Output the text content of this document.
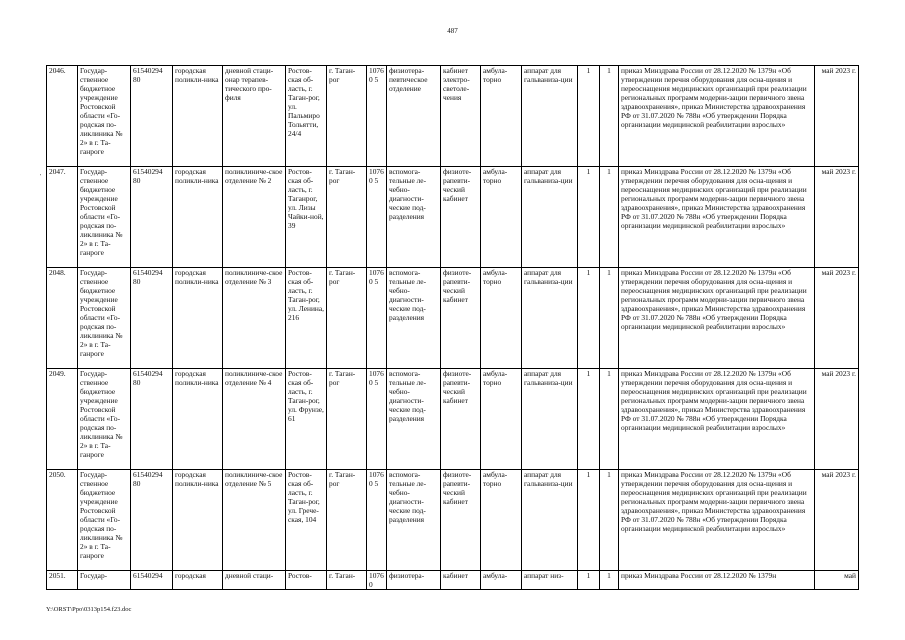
487
'
2046.	Государ-ственное бюджетное учреждение Ростовской области «Го-родская по-ликлиника № 2» в г. Та-ганроге	61540294 80	городская поликли-ника	дневной стаци-онар терапев-тического про-филя	Ростов-ская об-ласть, г. Таган-рог, ул. Пальмиро Тольятти, 24/4	г. Таган-рог	10760 5	физиотера-певтическое отделение	кабинет электро-светоле-чения	амбула-торно	аппарат для гальваниза-ции	1	1	приказ Минздрава России от 28.12.2020 № 1379н «Об утверждении перечня оборудования для осна-щения и переоснащения медицинских организаций при реализации региональных программ модерни-зации первичного звена здравоохранения», приказ Министерства здравоохранения РФ от 31.07.2020 № 788н «Об утверждении Порядка организации медицинской реабилитации взрослых»	май 2023 г.
2047.	Государ-ственное бюджетное учреждение Ростовской области «Го-родская по-ликлиника № 2» в г. Та-ганроге	61540294 80	городская поликли-ника	поликлиниче-ское отделение № 2	Ростов-ская об-ласть, г. Таганрог, ул. Лизы Чайки-ной, 39	г. Таган-рог	10760 5	вспомога-тельные ле-чебно-диагности-ческие под-разделения	физиоте-рапевти-ческий кабинет	амбула-торно	аппарат для гальваниза-ции	1	1	приказ Минздрава России от 28.12.2020 № 1379н «Об утверждении перечня оборудования для осна-щения и переоснащения медицинских организаций при реализации региональных программ модерни-зации первичного звена здравоохранения», приказ Министерства здравоохранения РФ от 31.07.2020 № 788н «Об утверждении Порядка организации медицинской реабилитации взрослых»	май 2023 г.
2048.	Государ-ственное бюджетное учреждение Ростовской области «Го-родская по-ликлиника № 2» в г. Та-ганроге	61540294 80	городская поликли-ника	поликлиниче-ское отделение № 3	Ростов-ская об-ласть, г. Таган-рог, ул. Ленина, 216	г. Таган-рог	10760 5	вспомога-тельные ле-чебно-диагности-ческие под-разделения	физиоте-рапевти-ческий кабинет	амбула-торно	аппарат для гальваниза-ции	1	1	приказ Минздрава России от 28.12.2020 № 1379н «Об утверждении перечня оборудования для осна-щения и переоснащения медицинских организаций при реализации региональных программ модерни-зации первичного звена здравоохранения», приказ Министерства здравоохранения РФ от 31.07.2020 № 788н «Об утверждении Порядка организации медицинской реабилитации взрослых»	май 2023 г.
2049.	Государ-ственное бюджетное учреждение Ростовской области «Го-родская по-ликлиника № 2» в г. Та-ганроге	61540294 80	городская поликли-ника	поликлиниче-ское отделение № 4	Ростов-ская об-ласть, г. Таган-рог, ул. Фрунзе, 61	г. Таган-рог	10760 5	вспомога-тельные ле-чебно-диагности-ческие под-разделения	физиоте-рапевти-ческий кабинет	амбула-торно	аппарат для гальваниза-ции	1	1	приказ Минздрава России от 28.12.2020 № 1379н «Об утверждении перечня оборудования для осна-щения и переоснащения медицинских организаций при реализации региональных программ модерни-зации первичного звена здравоохранения», приказ Министерства здравоохранения РФ от 31.07.2020 № 788н «Об утверждении Порядка организации медицинской реабилитации взрослых»	май 2023 г.
2050.	Государ-ственное бюджетное учреждение Ростовской области «Го-родская по-ликлиника № 2» в г. Та-ганроге	61540294 80	городская поликли-ника	поликлиниче-ское отделение № 5	Ростов-ская об-ласть, г. Таган-рог, ул. Грече-ская, 104	г. Таган-рог	10760 5	вспомога-тельные ле-чебно-диагности-ческие под-разделения	физиоте-рапевти-ческий кабинет	амбула-торно	аппарат для гальваниза-ции	1	1	приказ Минздрава России от 28.12.2020 № 1379н «Об утверждении перечня оборудования для осна-щения и переоснащения медицинских организаций при реализации региональных программ модерни-зации первичного звена здравоохранения», приказ Министерства здравоохранения РФ от 31.07.2020 № 788н «Об утверждении Порядка организации медицинской реабилитации взрослых»	май 2023 г.
2051.	Государ-	61540294	городская	дневной стаци-	Ростов-	г. Таган-	10760	физиотера-	кабинет	амбула-	аппарат низ-	1	1	приказ Минздрава России от 28.12.2020 № 1379н	май
Y:\ORST\Ppo\0313p154.f23.doc
